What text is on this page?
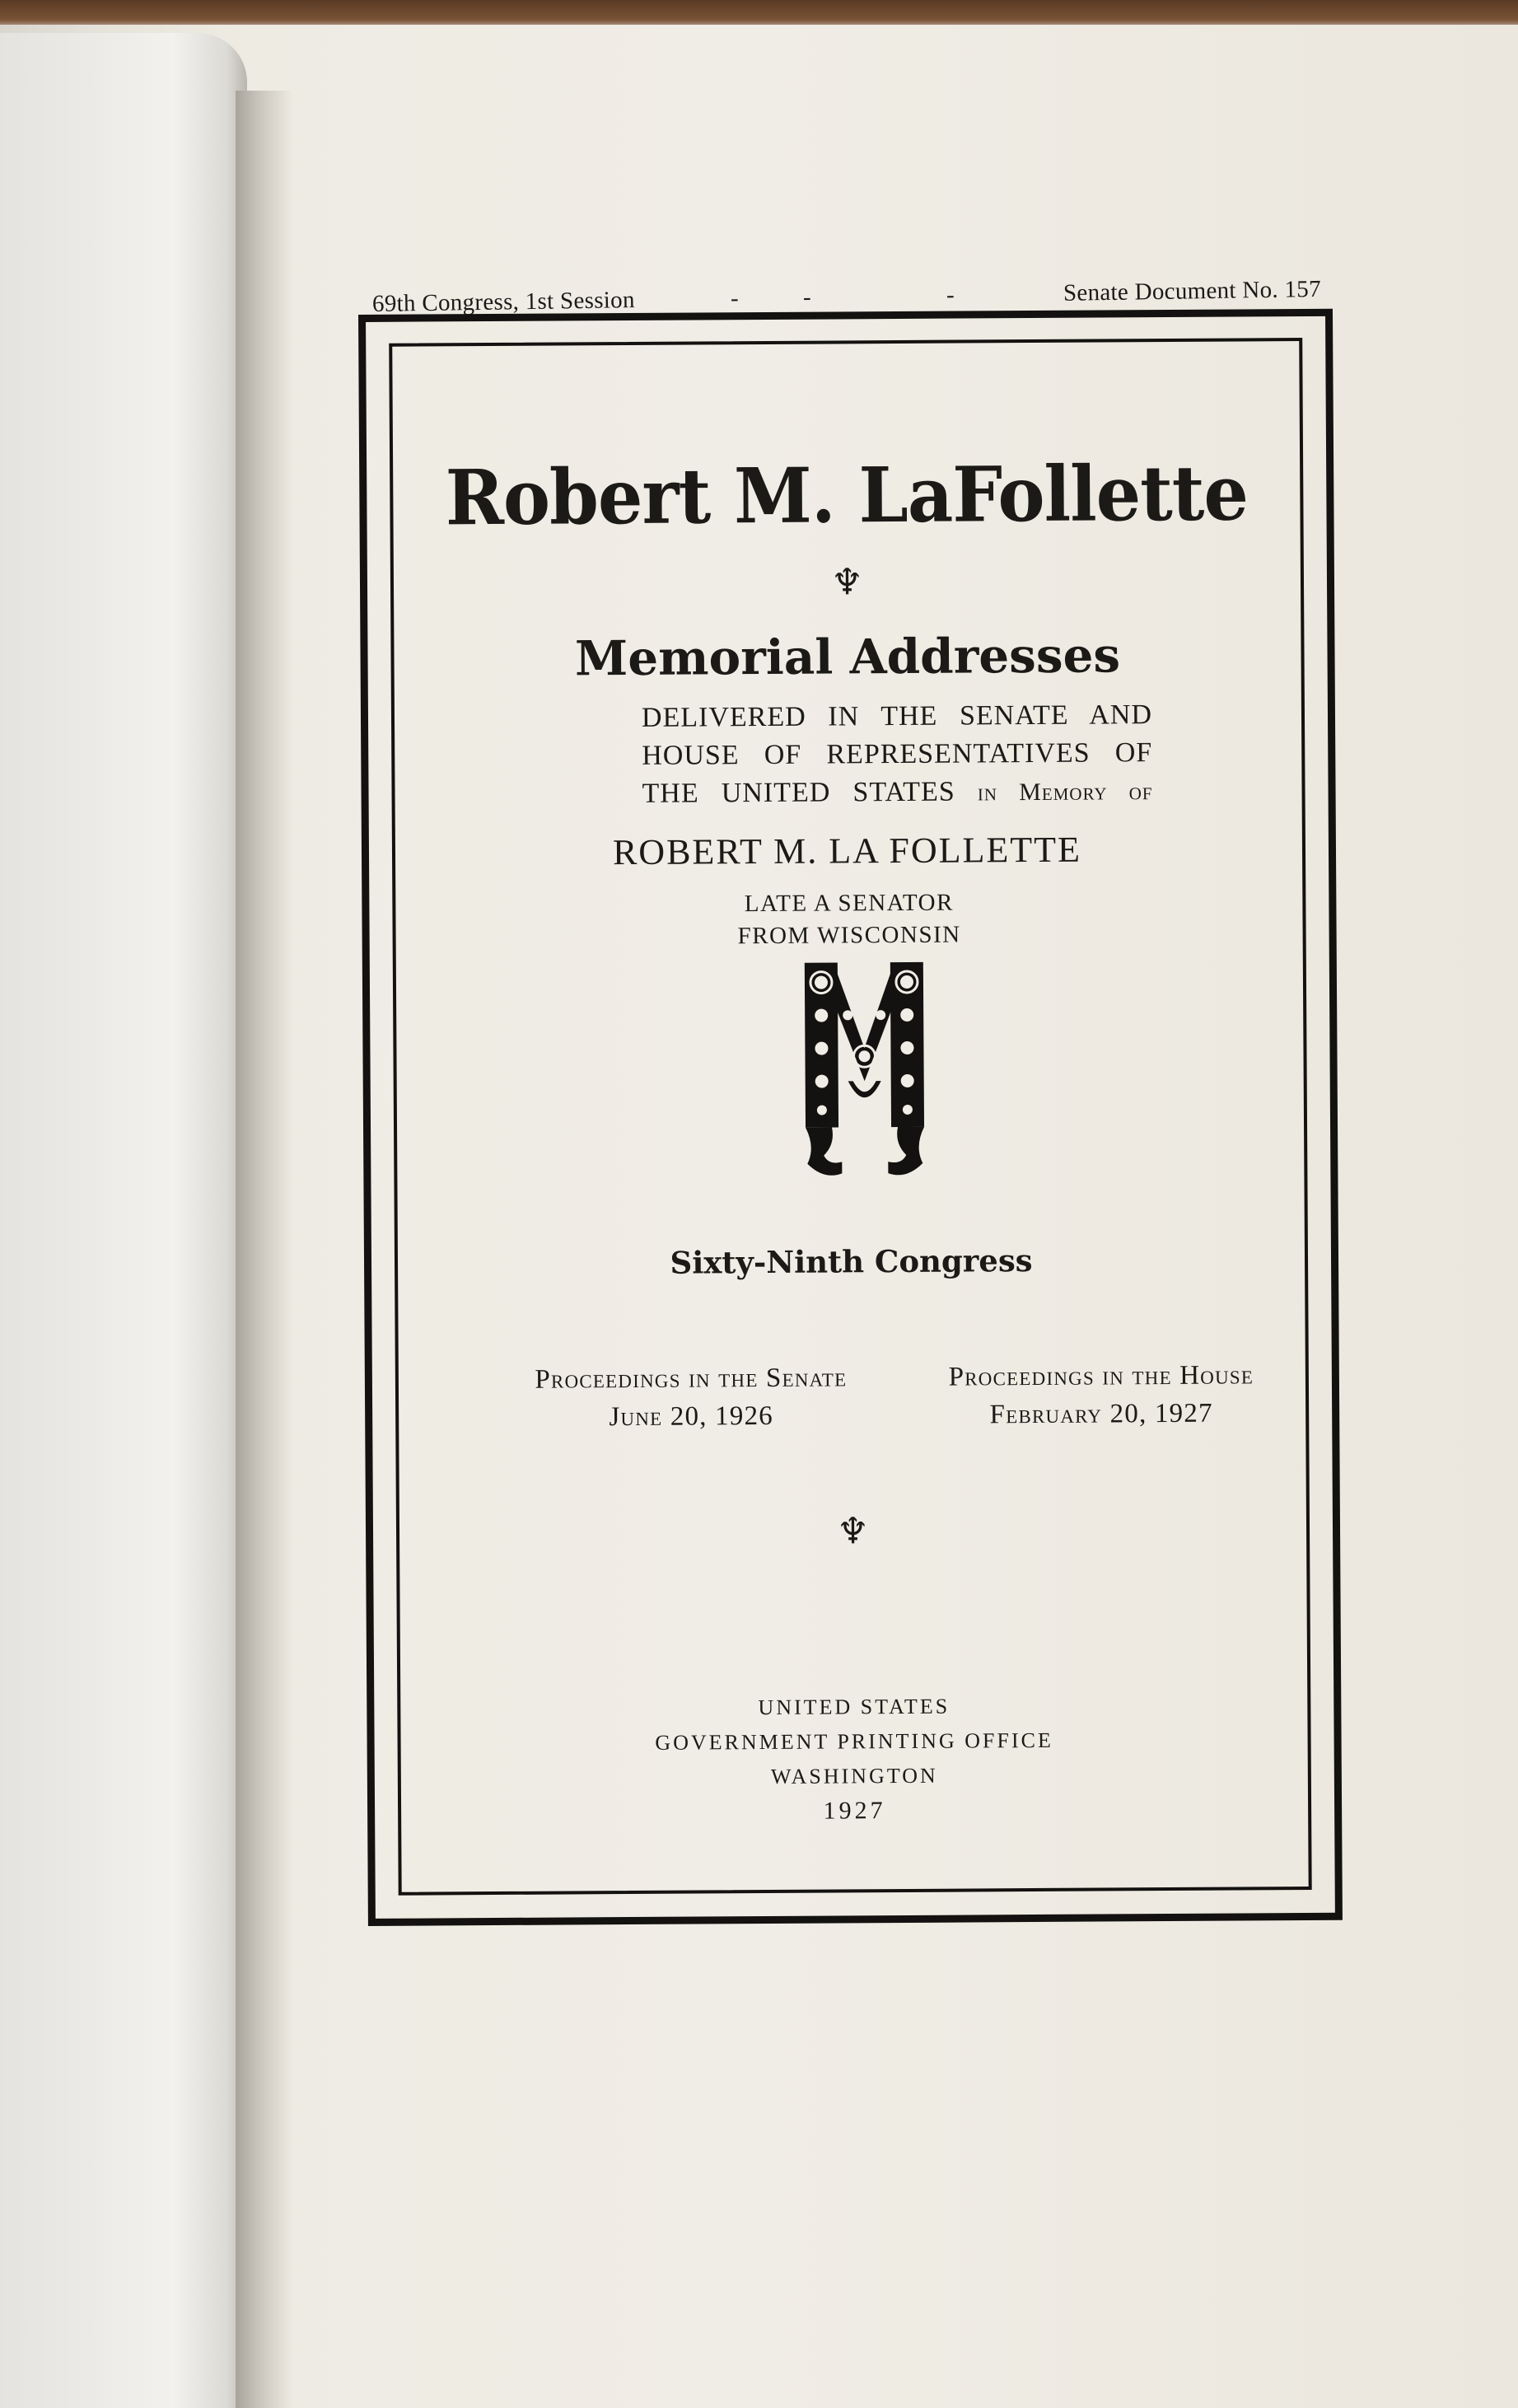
69th Congress, 1st Session	-	-	-	Senate Document No. 157
Robert M. LaFollette
♆
Memorial Addresses
DELIVERED IN THE SENATE AND
HOUSE OF REPRESENTATIVES OF
THE UNITED STATES in Memory of
ROBERT M. LA FOLLETTE
LATE A SENATOR
FROM WISCONSIN
Sixty-Ninth Congress
Proceedings in the Senate
June 20, 1926
Proceedings in the House
February 20, 1927
♆
UNITED STATES
GOVERNMENT PRINTING OFFICE
WASHINGTON
1927
